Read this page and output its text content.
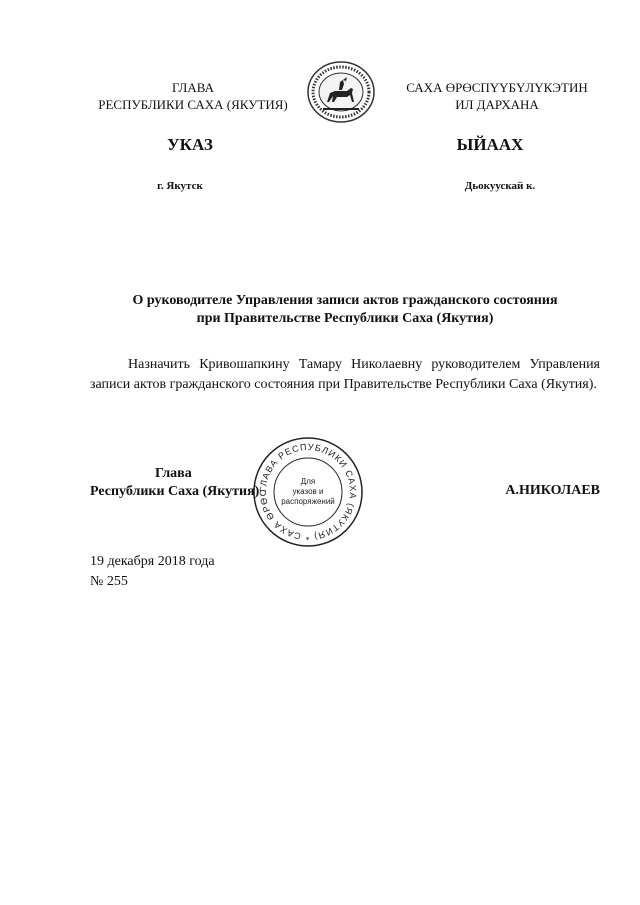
ГЛАВА
РЕСПУБЛИКИ САХА (ЯКУТИЯ)
САХА ӨРӨСПҮҮБҮЛҮКЭТИН
ИЛ ДАРХАНА
УКАЗ	ЫЙААХ
г. Якутск	Дьокуускай к.
О руководителе Управления записи актов гражданского состояния
при Правительстве Республики Саха (Якутия)
Назначить Кривошапкину Тамару Николаевну руководителем Управления записи актов гражданского состояния при Правительстве Республики Саха (Якутия).
ГЛАВА РЕСПУБЛИКИ САХА (ЯКУТИЯ) * САХА ӨРӨС
Для
указов и
распоряжений
Глава
Республики Саха (Якутия)	А.НИКОЛАЕВ
19 декабря 2018 года
№ 255
